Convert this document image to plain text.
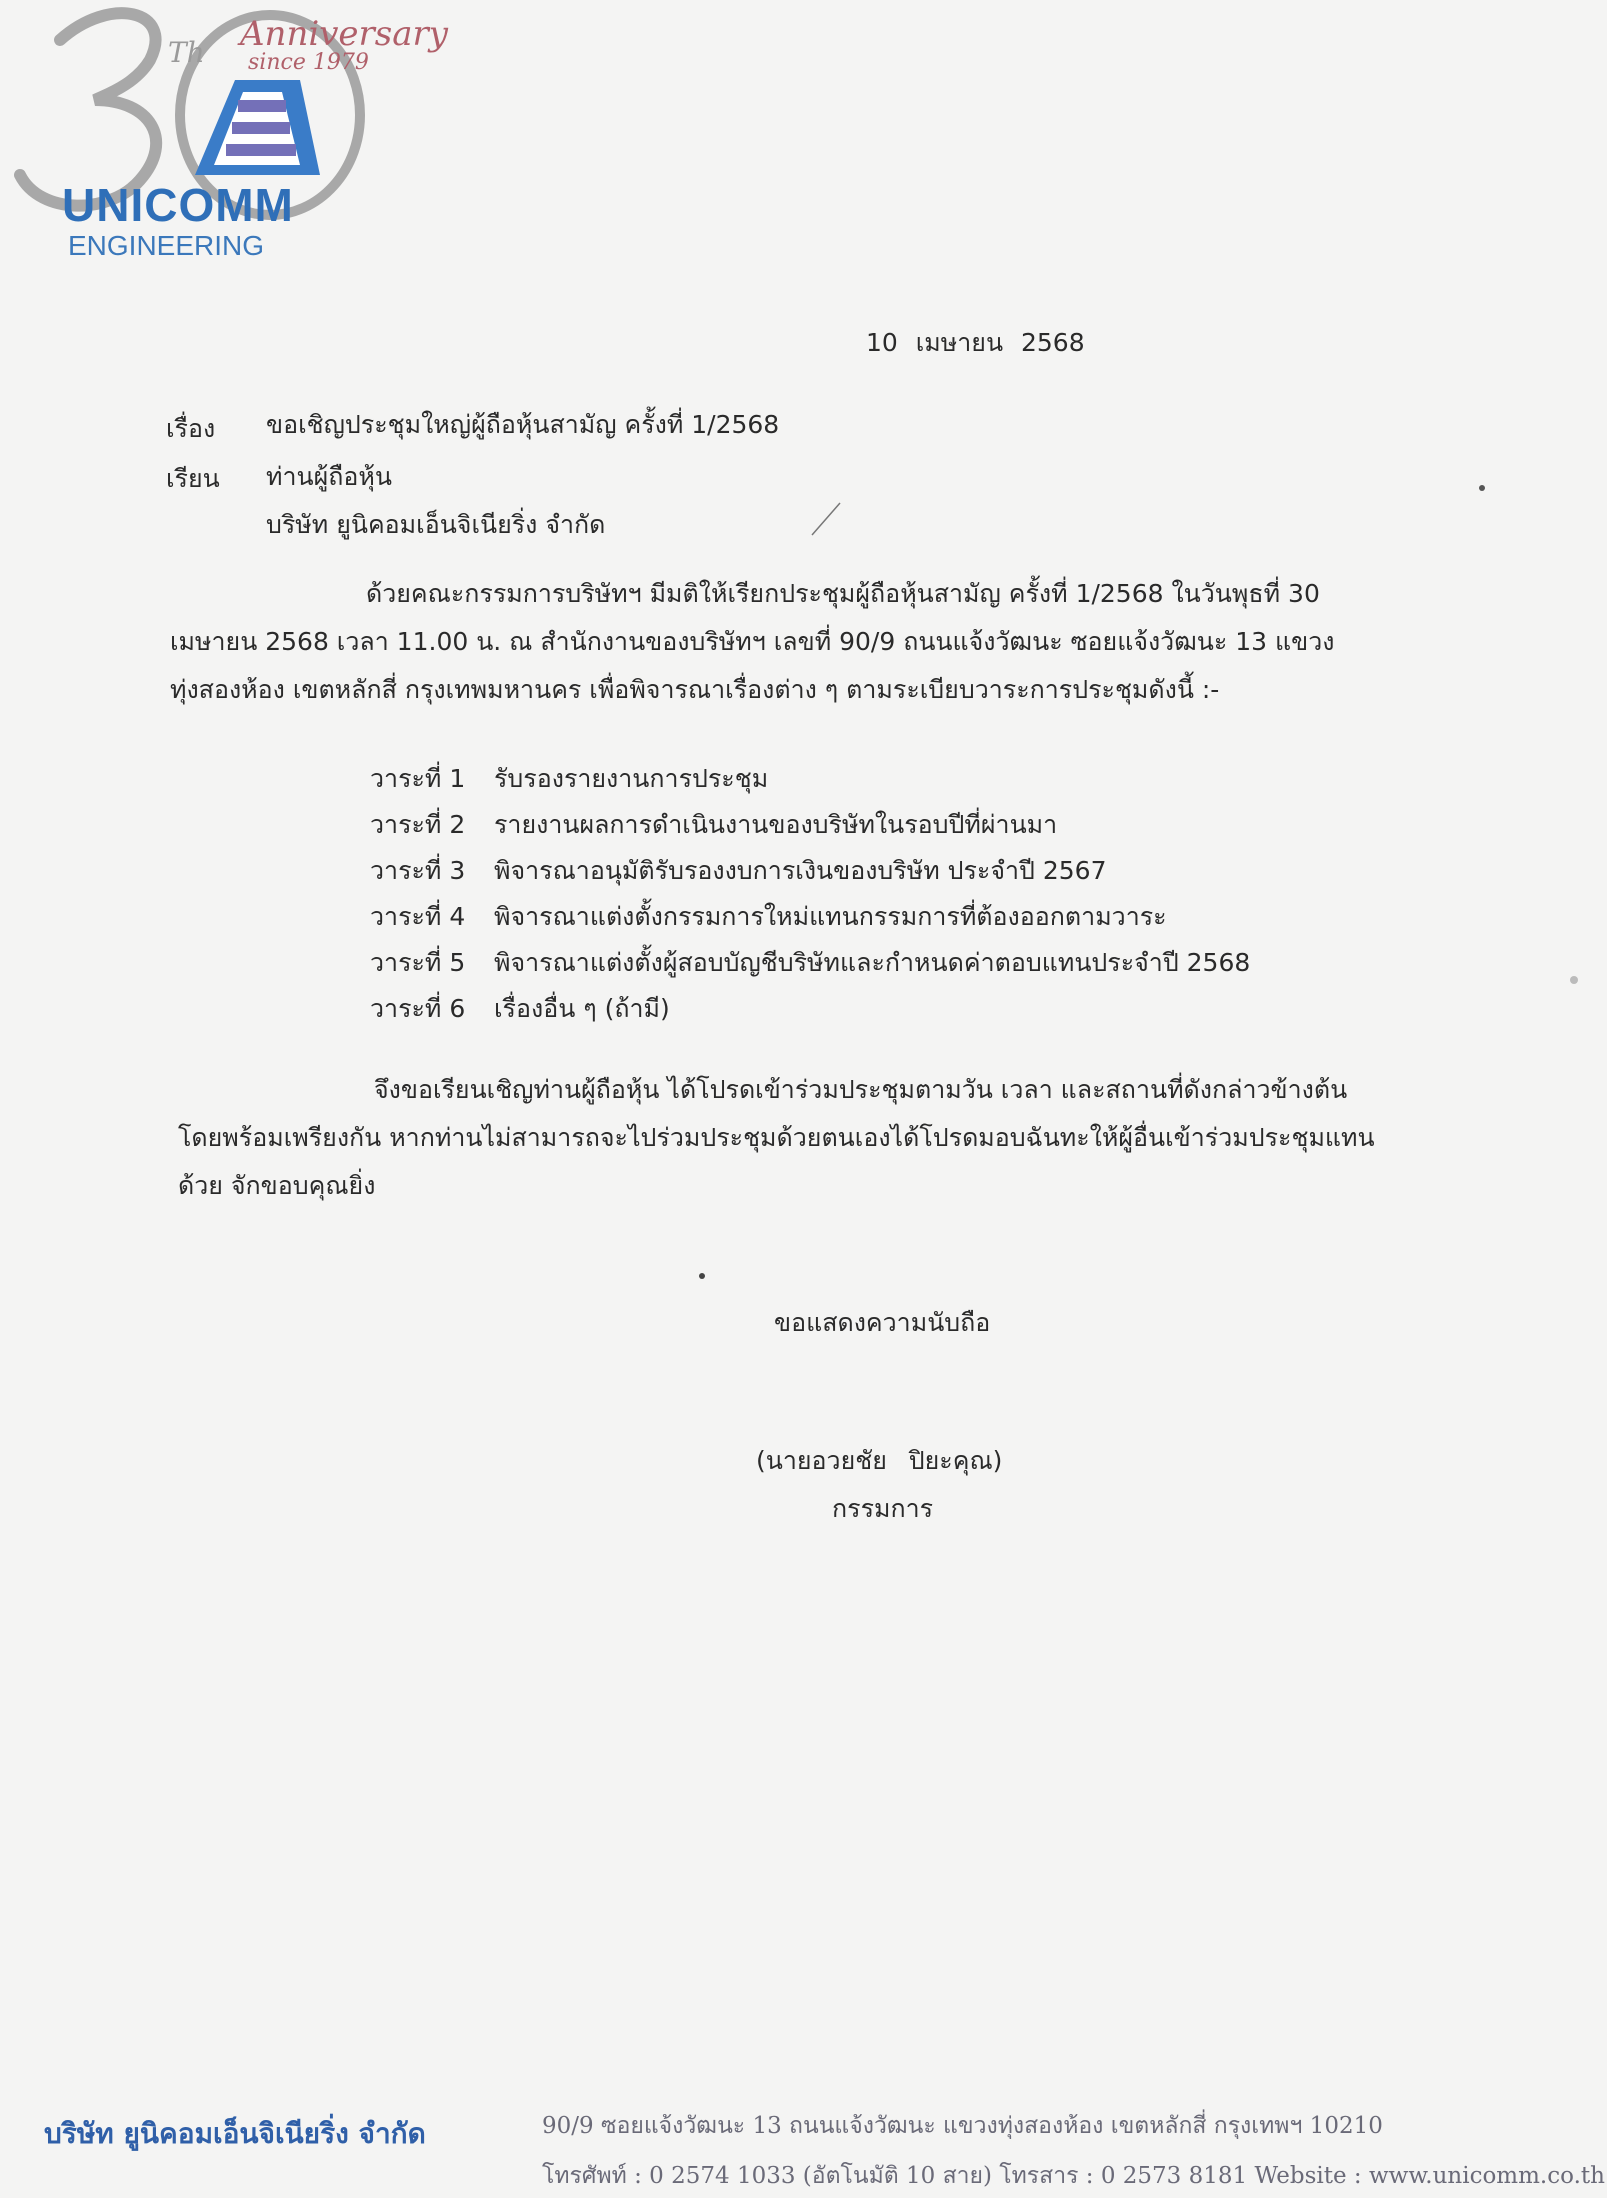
Th Anniversary
since 1979
UNICOMM
ENGINEERING
10 เมษายน 2568
เรื่อง ขอเชิญประชุมใหญ่ผู้ถือหุ้นสามัญ ครั้งที่ 1/2568
เรียน ท่านผู้ถือหุ้น
บริษัท ยูนิคอมเอ็นจิเนียริ่ง จำกัด
ด้วยคณะกรรมการบริษัทฯ มีมติให้เรียกประชุมผู้ถือหุ้นสามัญ ครั้งที่ 1/2568 ในวันพุธที่ 30 เมษายน 2568 เวลา 11.00 น. ณ สำนักงานของบริษัทฯ เลขที่ 90/9 ถนนแจ้งวัฒนะ ซอยแจ้งวัฒนะ 13 แขวงทุ่งสองห้อง เขตหลักสี่ กรุงเทพมหานคร เพื่อพิจารณาเรื่องต่าง ๆ ตามระเบียบวาระการประชุมดังนี้ :-
วาระที่ 1	รับรองรายงานการประชุม
วาระที่ 2	รายงานผลการดำเนินงานของบริษัทในรอบปีที่ผ่านมา
วาระที่ 3	พิจารณาอนุมัติรับรองงบการเงินของบริษัท ประจำปี 2567
วาระที่ 4	พิจารณาแต่งตั้งกรรมการใหม่แทนกรรมการที่ต้องออกตามวาระ
วาระที่ 5	พิจารณาแต่งตั้งผู้สอบบัญชีบริษัทและกำหนดค่าตอบแทนประจำปี 2568
วาระที่ 6	เรื่องอื่น ๆ (ถ้ามี)
จึงขอเรียนเชิญท่านผู้ถือหุ้น ได้โปรดเข้าร่วมประชุมตามวัน เวลา และสถานที่ดังกล่าวข้างต้น โดยพร้อมเพรียงกัน หากท่านไม่สามารถจะไปร่วมประชุมด้วยตนเองได้โปรดมอบฉันทะให้ผู้อื่นเข้าร่วมประชุมแทนด้วย จักขอบคุณยิ่ง
ขอแสดงความนับถือ
(นายอวยชัย ปิยะคุณ)
กรรมการ
บริษัท ยูนิคอมเอ็นจิเนียริ่ง จำกัด	90/9 ซอยแจ้งวัฒนะ 13 ถนนแจ้งวัฒนะ แขวงทุ่งสองห้อง เขตหลักสี่ กรุงเทพฯ 10210
โทรศัพท์ : 0 2574 1033 (อัตโนมัติ 10 สาย) โทรสาร : 0 2573 8181 Website : www.unicomm.co.th
